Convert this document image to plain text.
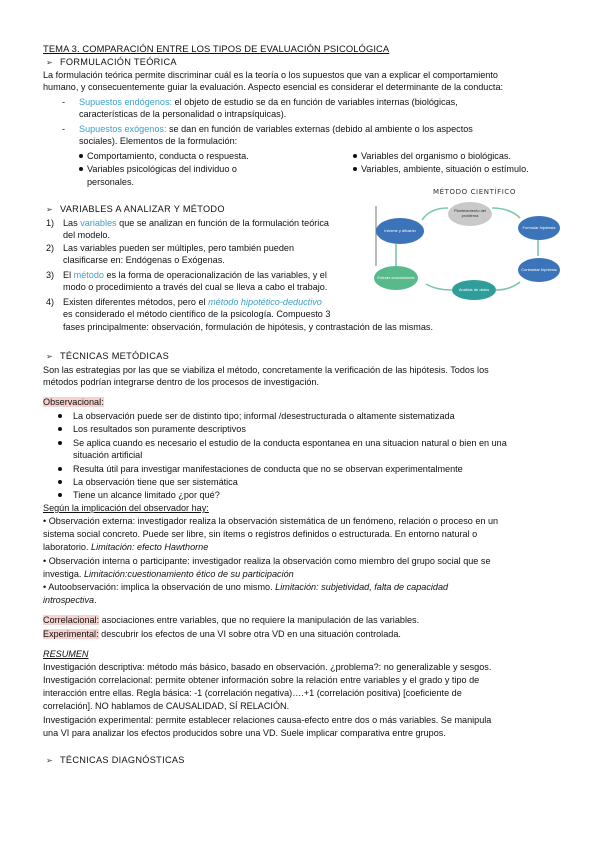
TEMA 3. COMPARACIÓN ENTRE LOS TIPOS DE EVALUACIÓN PSICOLÓGICA
➢ FORMULACIÓN TEÓRICA
La formulación teórica permite discriminar cuál es la teoría o los supuestos que van a explicar el comportamiento
humano, y consecuentemente guiar la evaluación. Aspecto esencial es considerar el determinante de la conducta:
- Supuestos endógenos: el objeto de estudio se da en función de variables internas (biológicas,
características de la personalidad o intrapsíquicas).
- Supuestos exógenos: se dan en función de variables externas (debido al ambiente o los aspectos
sociales). Elementos de la formulación:
Comportamiento, conducta o respuesta.
Variables psicológicas del individuo o
personales.
Variables del organismo o biológicas.
Variables, ambiente, situación o estímulo.
➢ VARIABLES A ANALIZAR Y MÉTODO
1) Las variables que se analizan en función de la formulación teórica
del modelo.
2) Las variables pueden ser múltiples, pero también pueden
clasificarse en: Endógenas o Exógenas.
3) El método es la forma de operacionalización de las variables, y el
modo o procedimiento a través del cual se lleva a cabo el trabajo.
4) Existen diferentes métodos, pero el método hipotético-deductivo
es considerado el método científico de la psicología. Compuesto 3
fases principalmente: observación, formulación de hipótesis, y contrastación de las mismas.
MÉTODO CIENTÍFICO
Planteamiento del problema
Formular hipótesis
Contrastar hipótesis
Análisis de datos
Extraer conclusiones
Informe y difusión
➢ TÉCNICAS METÓDICAS
Son las estrategias por las que se viabiliza el método, concretamente la verificación de las hipótesis. Todos los
métodos podrían integrarse dentro de los procesos de investigación.
Observacional:
La observación puede ser de distinto tipo; informal /desestructurada o altamente sistematizada
Los resultados son puramente descriptivos
Se aplica cuando es necesario el estudio de la conducta espontanea en una situacion natural o bien en una
situación artificial
Resulta útil para investigar manifestaciones de conducta que no se observan experimentalmente
La observación tiene que ser sistemática
Tiene un alcance limitado ¿por qué?
Según la implicación del observador hay:
• Observación externa: investigador realiza la observación sistemática de un fenómeno, relación o proceso en un
sistema social concreto. Puede ser libre, sin ítems o registros definidos o estructurada. En entorno natural o
laboratorio. Limitación: efecto Hawthorne
• Observación interna o participante: investigador realiza la observación como miembro del grupo social que se
investiga. Limitación:cuestionamiento ético de su participación
• Autoobservación: implica la observación de uno mismo. Limitación: subjetividad, falta de capacidad
introspectiva.
Correlacional: asociaciones entre variables, que no requiere la manipulación de las variables.
Experimental: descubrir los efectos de una VI sobre otra VD en una situación controlada.
RESUMEN
Investigación descriptiva: método más básico, basado en observación. ¿problema?: no generalizable y sesgos.
Investigación correlacional: permite obtener información sobre la relación entre variables y el grado y tipo de
interacción entre ellas. Regla básica: -1 (correlación negativa)….+1 (correlación positiva) [coeficiente de
correlación]. NO hablamos de CAUSALIDAD, SÍ RELACIÓN.
Investigación experimental: permite establecer relaciones causa-efecto entre dos o más variables. Se manipula
una VI para analizar los efectos producidos sobre una VD. Suele implicar comparativa entre grupos.
➢ TÉCNICAS DIAGNÓSTICAS
